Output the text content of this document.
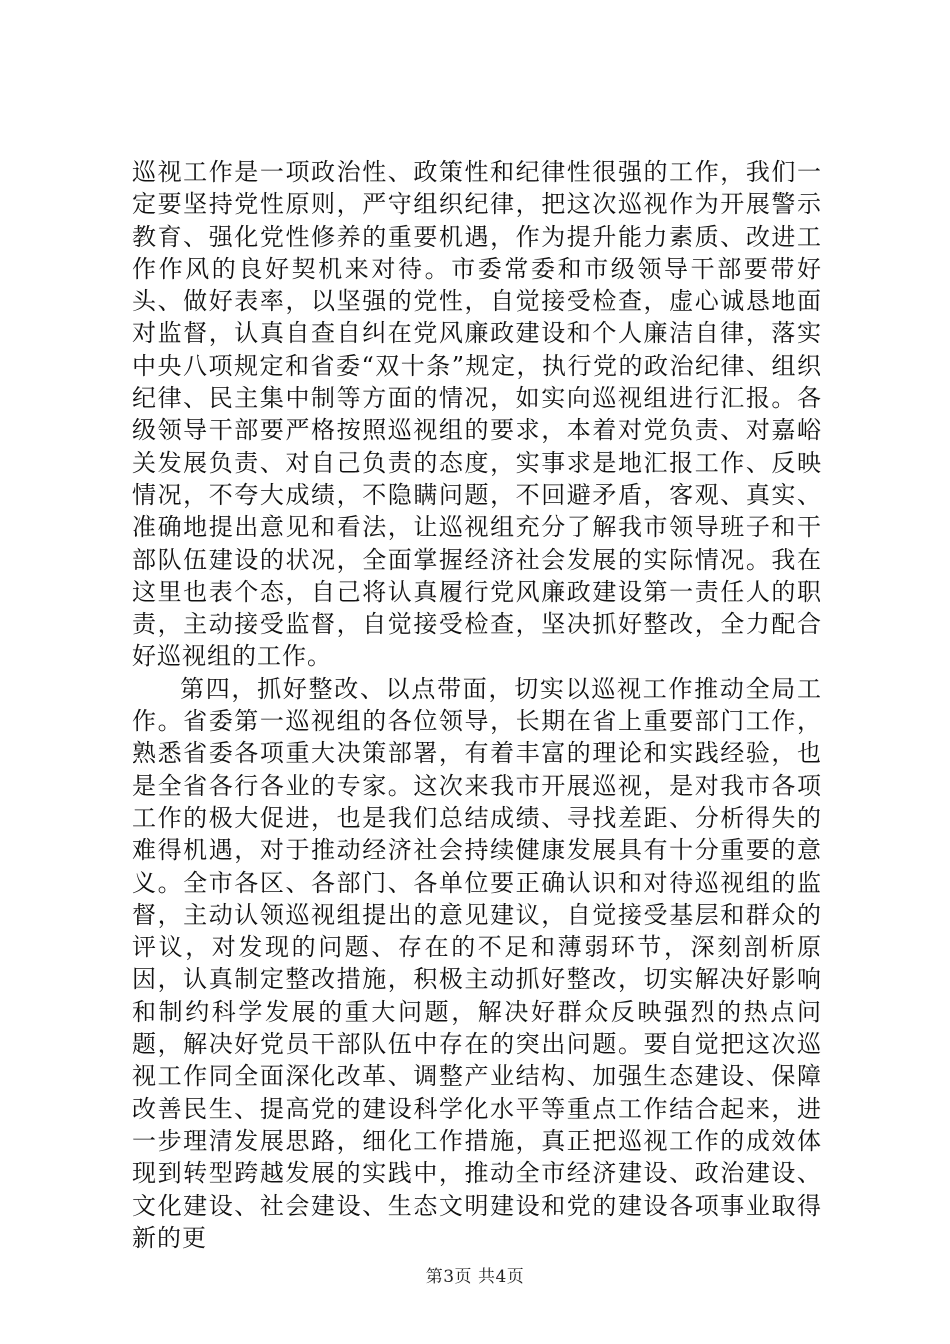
巡视工作是一项政治性、政策性和纪律性很强的工作，我们一定要坚持党性原则，严守组织纪律，把这次巡视作为开展警示教育、强化党性修养的重要机遇，作为提升能力素质、改进工作作风的良好契机来对待。市委常委和市级领导干部要带好头、做好表率，以坚强的党性，自觉接受检查，虚心诚恳地面对监督，认真自查自纠在党风廉政建设和个人廉洁自律，落实中央八项规定和省委“双十条”规定，执行党的政治纪律、组织纪律、民主集中制等方面的情况，如实向巡视组进行汇报。各级领导干部要严格按照巡视组的要求，本着对党负责、对嘉峪关发展负责、对自己负责的态度，实事求是地汇报工作、反映情况，不夸大成绩，不隐瞒问题，不回避矛盾，客观、真实、准确地提出意见和看法，让巡视组充分了解我市领导班子和干部队伍建设的状况，全面掌握经济社会发展的实际情况。我在这里也表个态，自己将认真履行党风廉政建设第一责任人的职责，主动接受监督，自觉接受检查，坚决抓好整改，全力配合好巡视组的工作。

第四，抓好整改、以点带面，切实以巡视工作推动全局工作。省委第一巡视组的各位领导，长期在省上重要部门工作，熟悉省委各项重大决策部署，有着丰富的理论和实践经验，也是全省各行各业的专家。这次来我市开展巡视，是对我市各项工作的极大促进，也是我们总结成绩、寻找差距、分析得失的难得机遇，对于推动经济社会持续健康发展具有十分重要的意义。全市各区、各部门、各单位要正确认识和对待巡视组的监督，主动认领巡视组提出的意见建议，自觉接受基层和群众的评议，对发现的问题、存在的不足和薄弱环节，深刻剖析原因，认真制定整改措施，积极主动抓好整改，切实解决好影响和制约科学发展的重大问题，解决好群众反映强烈的热点问题，解决好党员干部队伍中存在的突出问题。要自觉把这次巡视工作同全面深化改革、调整产业结构、加强生态建设、保障改善民生、提高党的建设科学化水平等重点工作结合起来，进一步理清发展思路，细化工作措施，真正把巡视工作的成效体现到转型跨越发展的实践中，推动全市经济建设、政治建设、文化建设、社会建设、生态文明建设和党的建设各项事业取得新的更

第3页 共4页
